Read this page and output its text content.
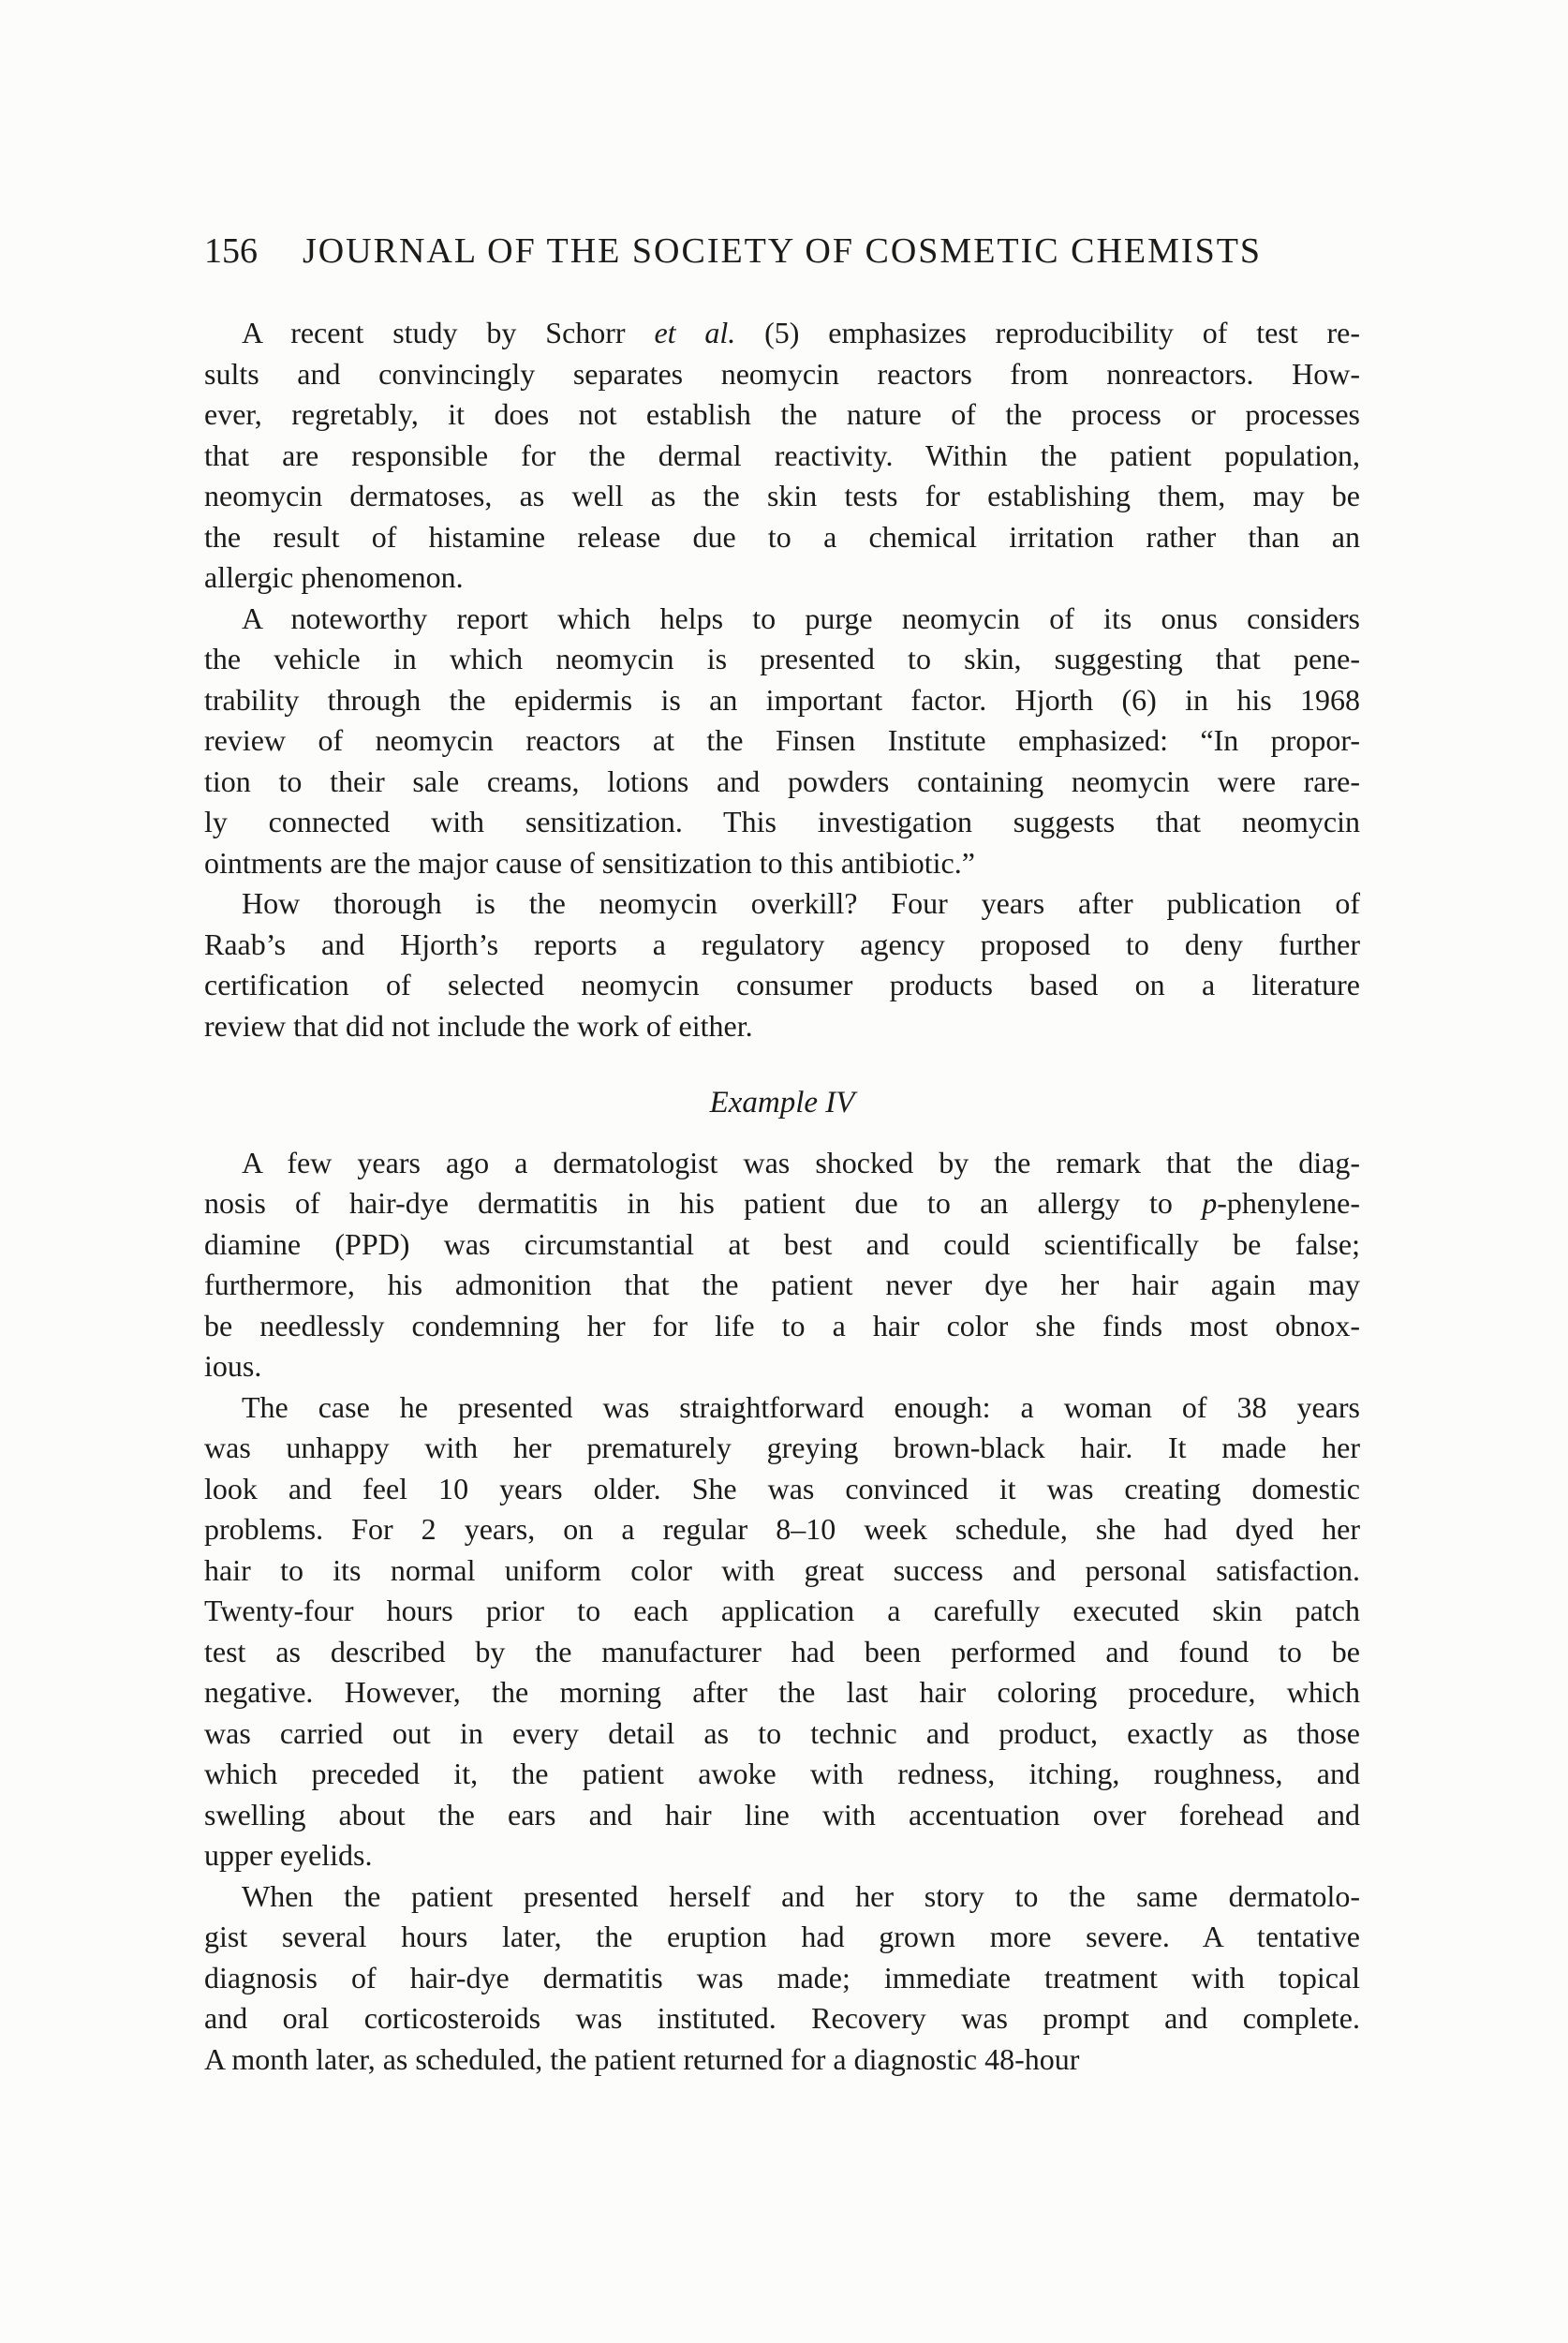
156	JOURNAL OF THE SOCIETY OF COSMETIC CHEMISTS
A recent study by Schorr et al. (5) emphasizes reproducibility of test re-
sults and convincingly separates neomycin reactors from nonreactors. How-
ever, regretably, it does not establish the nature of the process or processes
that are responsible for the dermal reactivity. Within the patient population,
neomycin dermatoses, as well as the skin tests for establishing them, may be
the result of histamine release due to a chemical irritation rather than an
allergic phenomenon.
A noteworthy report which helps to purge neomycin of its onus considers
the vehicle in which neomycin is presented to skin, suggesting that pene-
trability through the epidermis is an important factor. Hjorth (6) in his 1968
review of neomycin reactors at the Finsen Institute emphasized: “In propor-
tion to their sale creams, lotions and powders containing neomycin were rare-
ly connected with sensitization. This investigation suggests that neomycin
ointments are the major cause of sensitization to this antibiotic.”
How thorough is the neomycin overkill? Four years after publication of
Raab’s and Hjorth’s reports a regulatory agency proposed to deny further
certification of selected neomycin consumer products based on a literature
review that did not include the work of either.
Example IV
A few years ago a dermatologist was shocked by the remark that the diag-
nosis of hair-dye dermatitis in his patient due to an allergy to p-phenylene-
diamine (PPD) was circumstantial at best and could scientifically be false;
furthermore, his admonition that the patient never dye her hair again may
be needlessly condemning her for life to a hair color she finds most obnox-
ious.
The case he presented was straightforward enough: a woman of 38 years
was unhappy with her prematurely greying brown-black hair. It made her
look and feel 10 years older. She was convinced it was creating domestic
problems. For 2 years, on a regular 8–10 week schedule, she had dyed her
hair to its normal uniform color with great success and personal satisfaction.
Twenty-four hours prior to each application a carefully executed skin patch
test as described by the manufacturer had been performed and found to be
negative. However, the morning after the last hair coloring procedure, which
was carried out in every detail as to technic and product, exactly as those
which preceded it, the patient awoke with redness, itching, roughness, and
swelling about the ears and hair line with accentuation over forehead and
upper eyelids.
When the patient presented herself and her story to the same dermatolo-
gist several hours later, the eruption had grown more severe. A tentative
diagnosis of hair-dye dermatitis was made; immediate treatment with topical
and oral corticosteroids was instituted. Recovery was prompt and complete.
A month later, as scheduled, the patient returned for a diagnostic 48-hour
